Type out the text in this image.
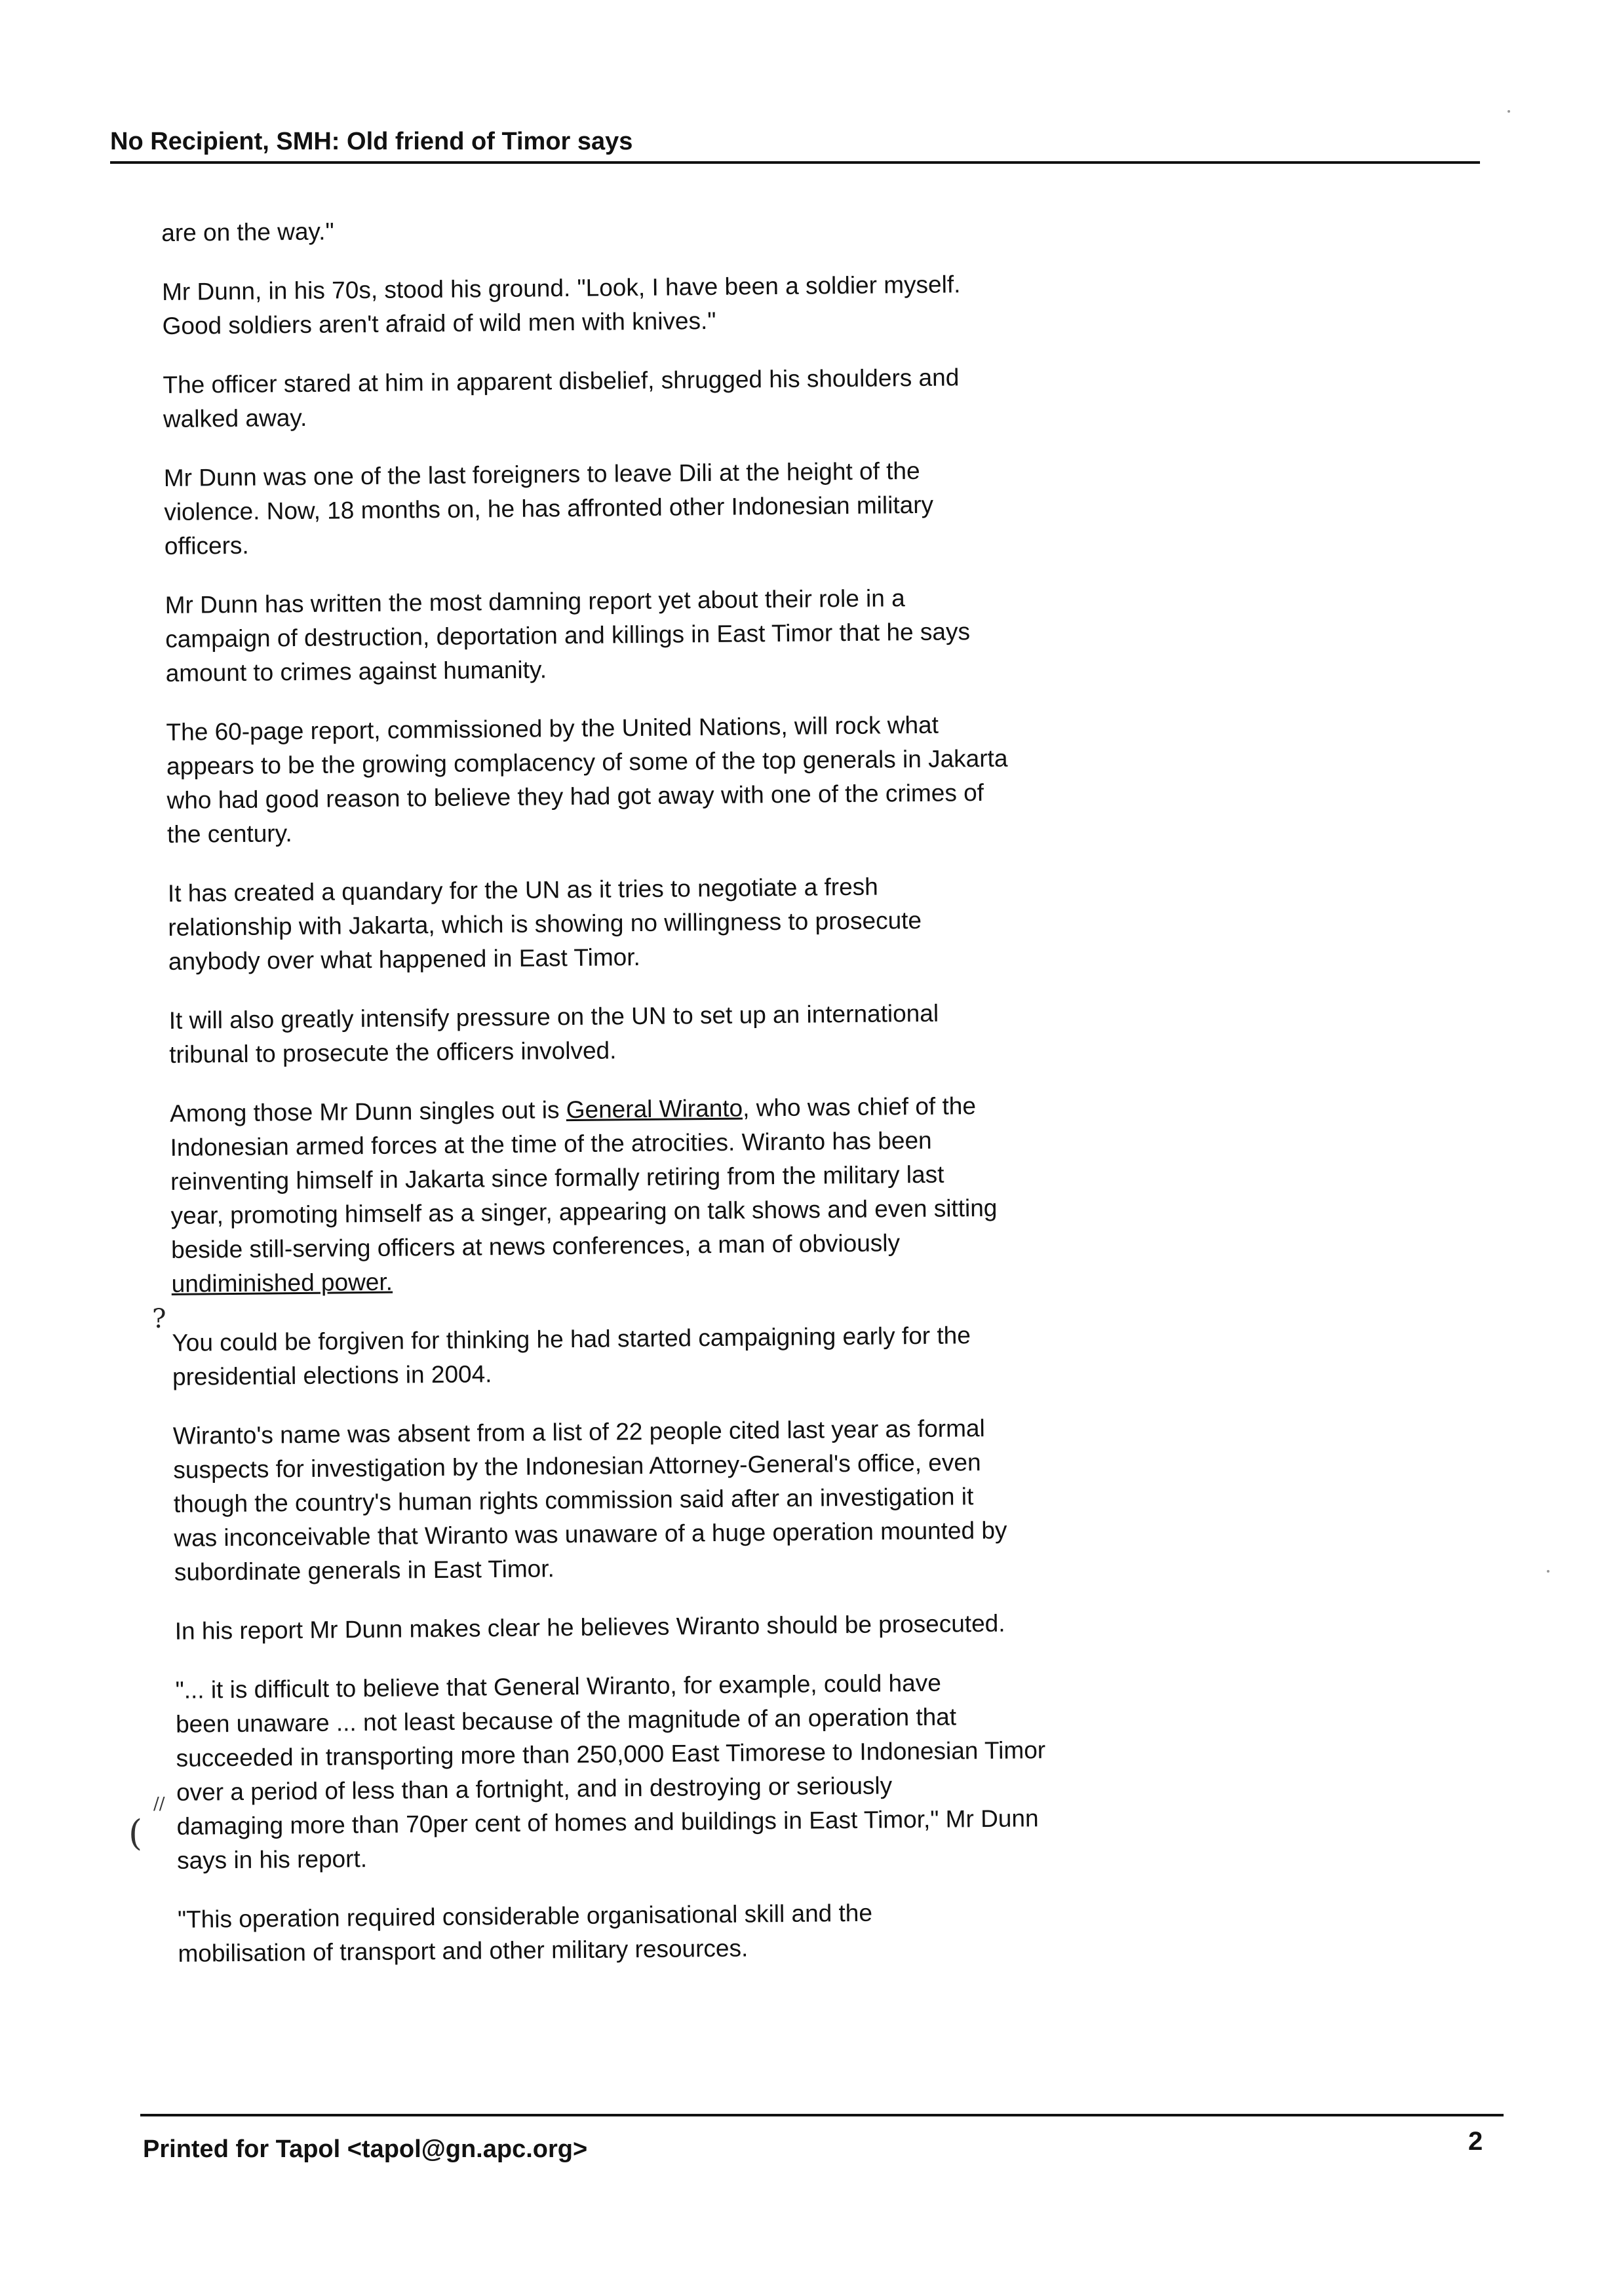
No Recipient, SMH: Old friend of Timor says
are on the way."
Mr Dunn, in his 70s, stood his ground. "Look, I have been a soldier myself.
Good soldiers aren't afraid of wild men with knives."
The officer stared at him in apparent disbelief, shrugged his shoulders and
walked away.
Mr Dunn was one of the last foreigners to leave Dili at the height of the
violence. Now, 18 months on, he has affronted other Indonesian military
officers.
Mr Dunn has written the most damning report yet about their role in a
campaign of destruction, deportation and killings in East Timor that he says
amount to crimes against humanity.
The 60-page report, commissioned by the United Nations, will rock what
appears to be the growing complacency of some of the top generals in Jakarta
who had good reason to believe they had got away with one of the crimes of
the century.
It has created a quandary for the UN as it tries to negotiate a fresh
relationship with Jakarta, which is showing no willingness to prosecute
anybody over what happened in East Timor.
It will also greatly intensify pressure on the UN to set up an international
tribunal to prosecute the officers involved.
Among those Mr Dunn singles out is General Wiranto, who was chief of the
Indonesian armed forces at the time of the atrocities. Wiranto has been
reinventing himself in Jakarta since formally retiring from the military last
year, promoting himself as a singer, appearing on talk shows and even sitting
beside still-serving officers at news conferences, a man of obviously
undiminished power.
You could be forgiven for thinking he had started campaigning early for the
presidential elections in 2004.
Wiranto's name was absent from a list of 22 people cited last year as formal
suspects for investigation by the Indonesian Attorney-General's office, even
though the country's human rights commission said after an investigation it
was inconceivable that Wiranto was unaware of a huge operation mounted by
subordinate generals in East Timor.
In his report Mr Dunn makes clear he believes Wiranto should be prosecuted.
"... it is difficult to believe that General Wiranto, for example, could have
been unaware ... not least because of the magnitude of an operation that
succeeded in transporting more than 250,000 East Timorese to Indonesian Timor
over a period of less than a fortnight, and in destroying or seriously
damaging more than 70per cent of homes and buildings in East Timor," Mr Dunn
says in his report.
"This operation required considerable organisational skill and the
mobilisation of transport and other military resources.
?
//
(
Printed for Tapol <tapol@gn.apc.org>	2
